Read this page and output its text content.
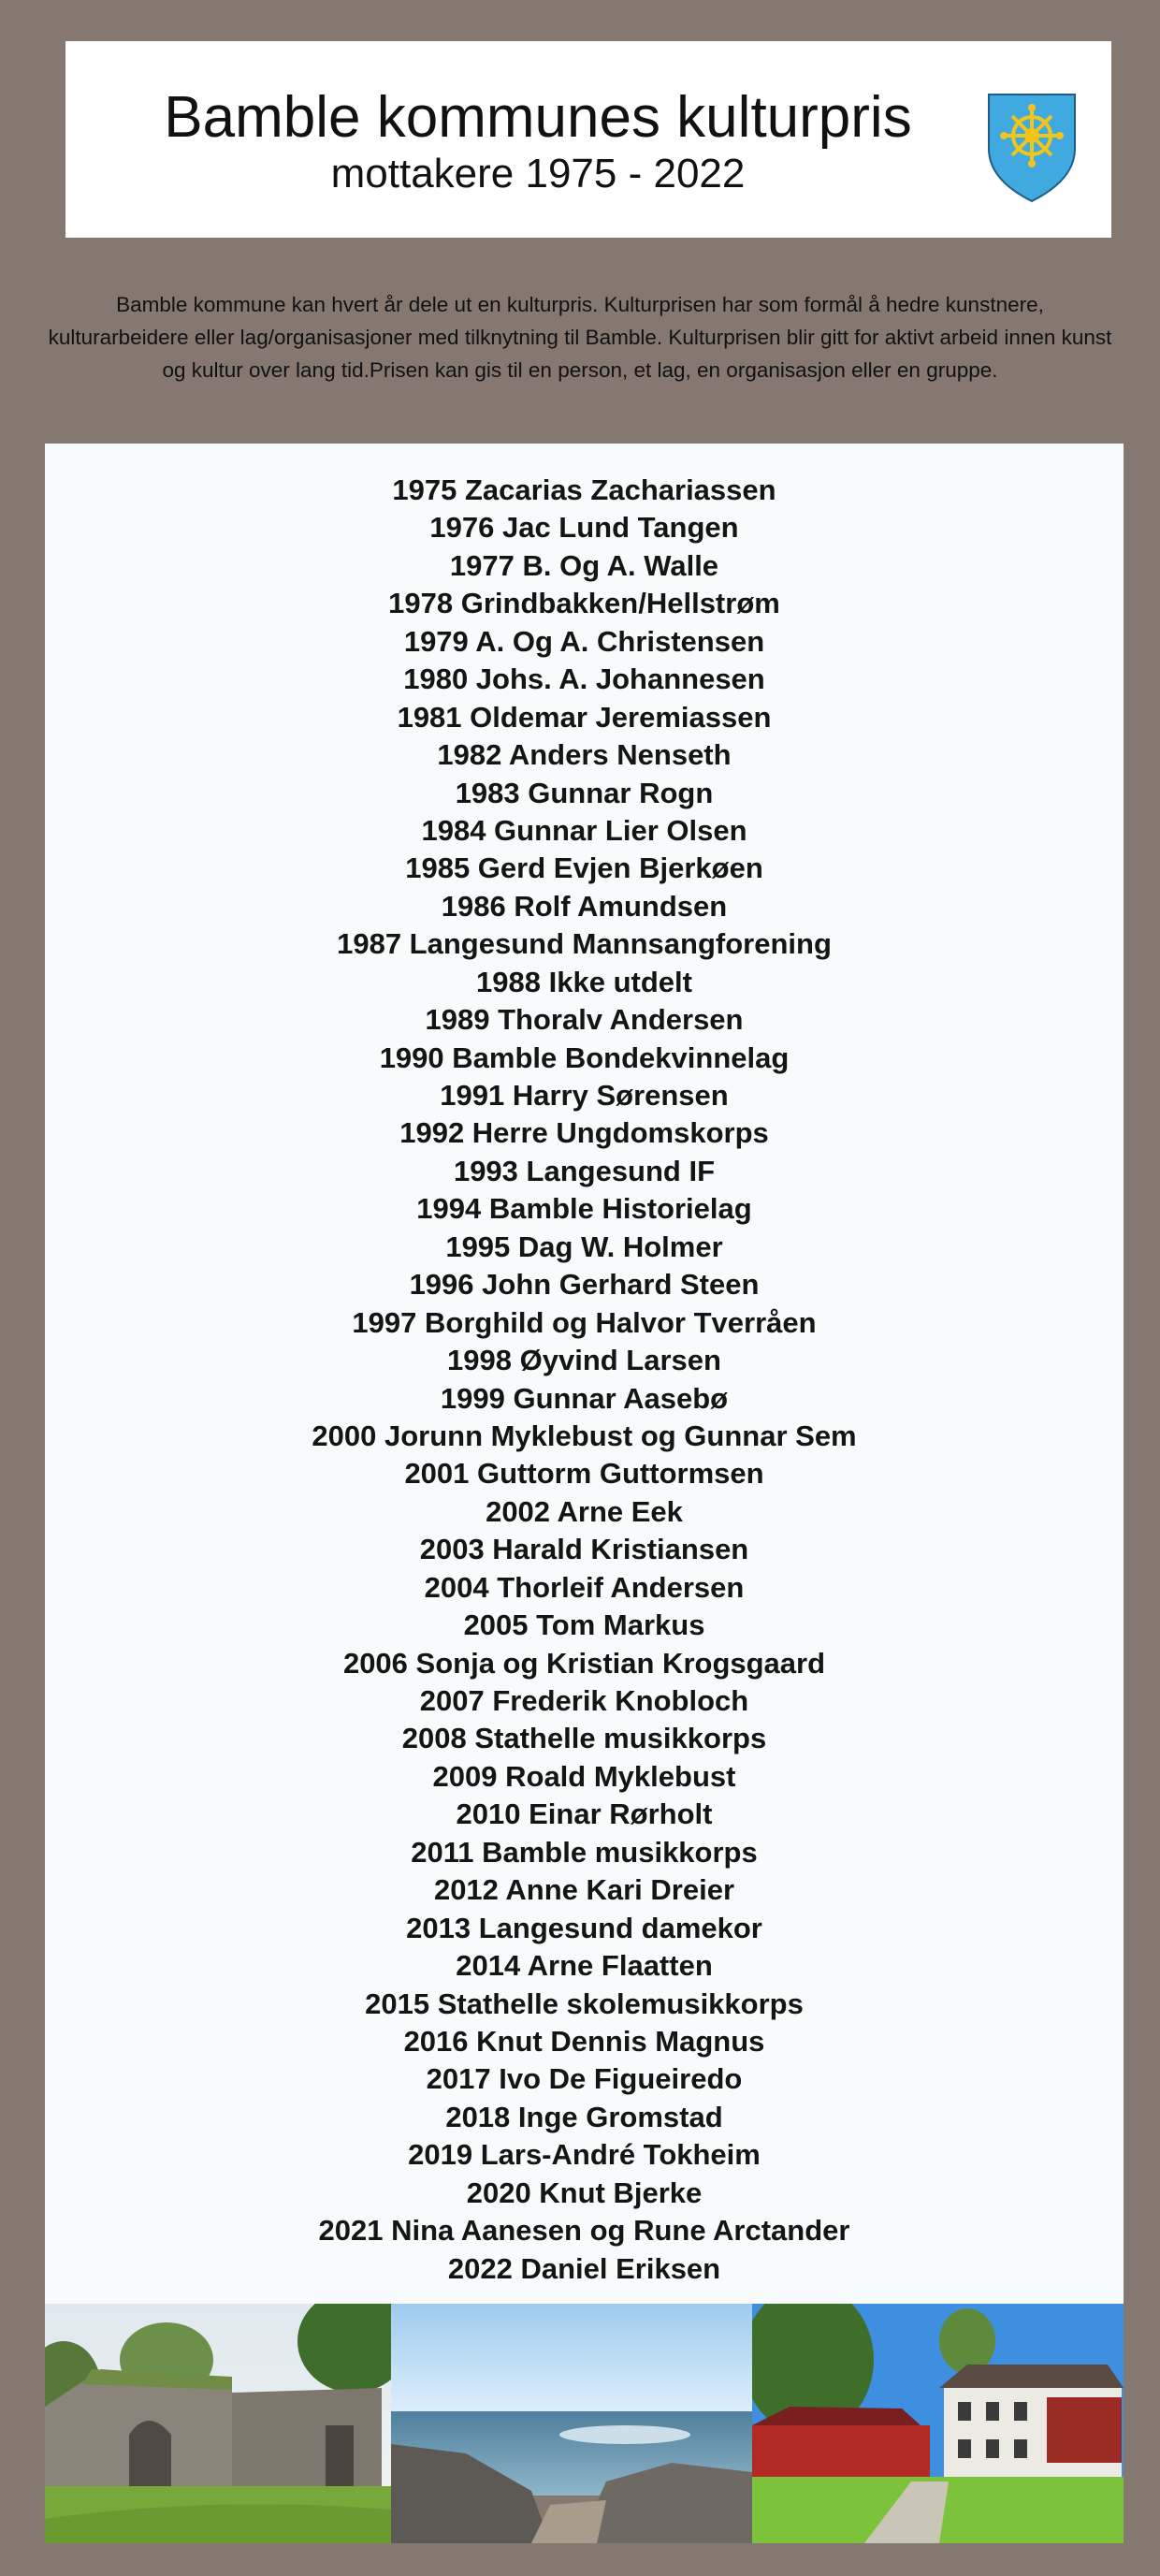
Bamble kommunes kulturpris
mottakere 1975 - 2022

Bamble kommune kan hvert år dele ut en kulturpris. Kulturprisen har som formål å hedre kunstnere, kulturarbeidere eller lag/organisasjoner med tilknytning til Bamble. Kulturprisen blir gitt for aktivt arbeid innen kunst og kultur over lang tid.Prisen kan gis til en person, et lag, en organisasjon eller en gruppe.

1975 Zacarias Zachariassen
1976 Jac Lund Tangen
1977 B. Og A. Walle
1978 Grindbakken/Hellstrøm
1979 A. Og A. Christensen
1980 Johs. A. Johannesen
1981 Oldemar Jeremiassen
1982 Anders Nenseth
1983 Gunnar Rogn
1984 Gunnar Lier Olsen
1985 Gerd Evjen Bjerkøen
1986 Rolf Amundsen
1987 Langesund Mannsangforening
1988 Ikke utdelt
1989 Thoralv Andersen
1990 Bamble Bondekvinnelag
1991 Harry Sørensen
1992 Herre Ungdomskorps
1993 Langesund IF
1994 Bamble Historielag
1995 Dag W. Holmer
1996 John Gerhard Steen
1997 Borghild og Halvor Tverråen
1998 Øyvind Larsen
1999 Gunnar Aasebø
2000 Jorunn Myklebust og Gunnar Sem
2001 Guttorm Guttormsen
2002 Arne Eek
2003 Harald Kristiansen
2004 Thorleif Andersen
2005 Tom Markus
2006 Sonja og Kristian Krogsgaard
2007 Frederik Knobloch
2008 Stathelle musikkorps
2009 Roald Myklebust
2010 Einar Rørholt
2011 Bamble musikkorps
2012 Anne Kari Dreier
2013 Langesund damekor
2014 Arne Flaatten
2015 Stathelle skolemusikkorps
2016 Knut Dennis Magnus
2017 Ivo De Figueiredo
2018 Inge Gromstad
2019 Lars-André Tokheim
2020 Knut Bjerke
2021 Nina Aanesen og Rune Arctander
2022 Daniel Eriksen
